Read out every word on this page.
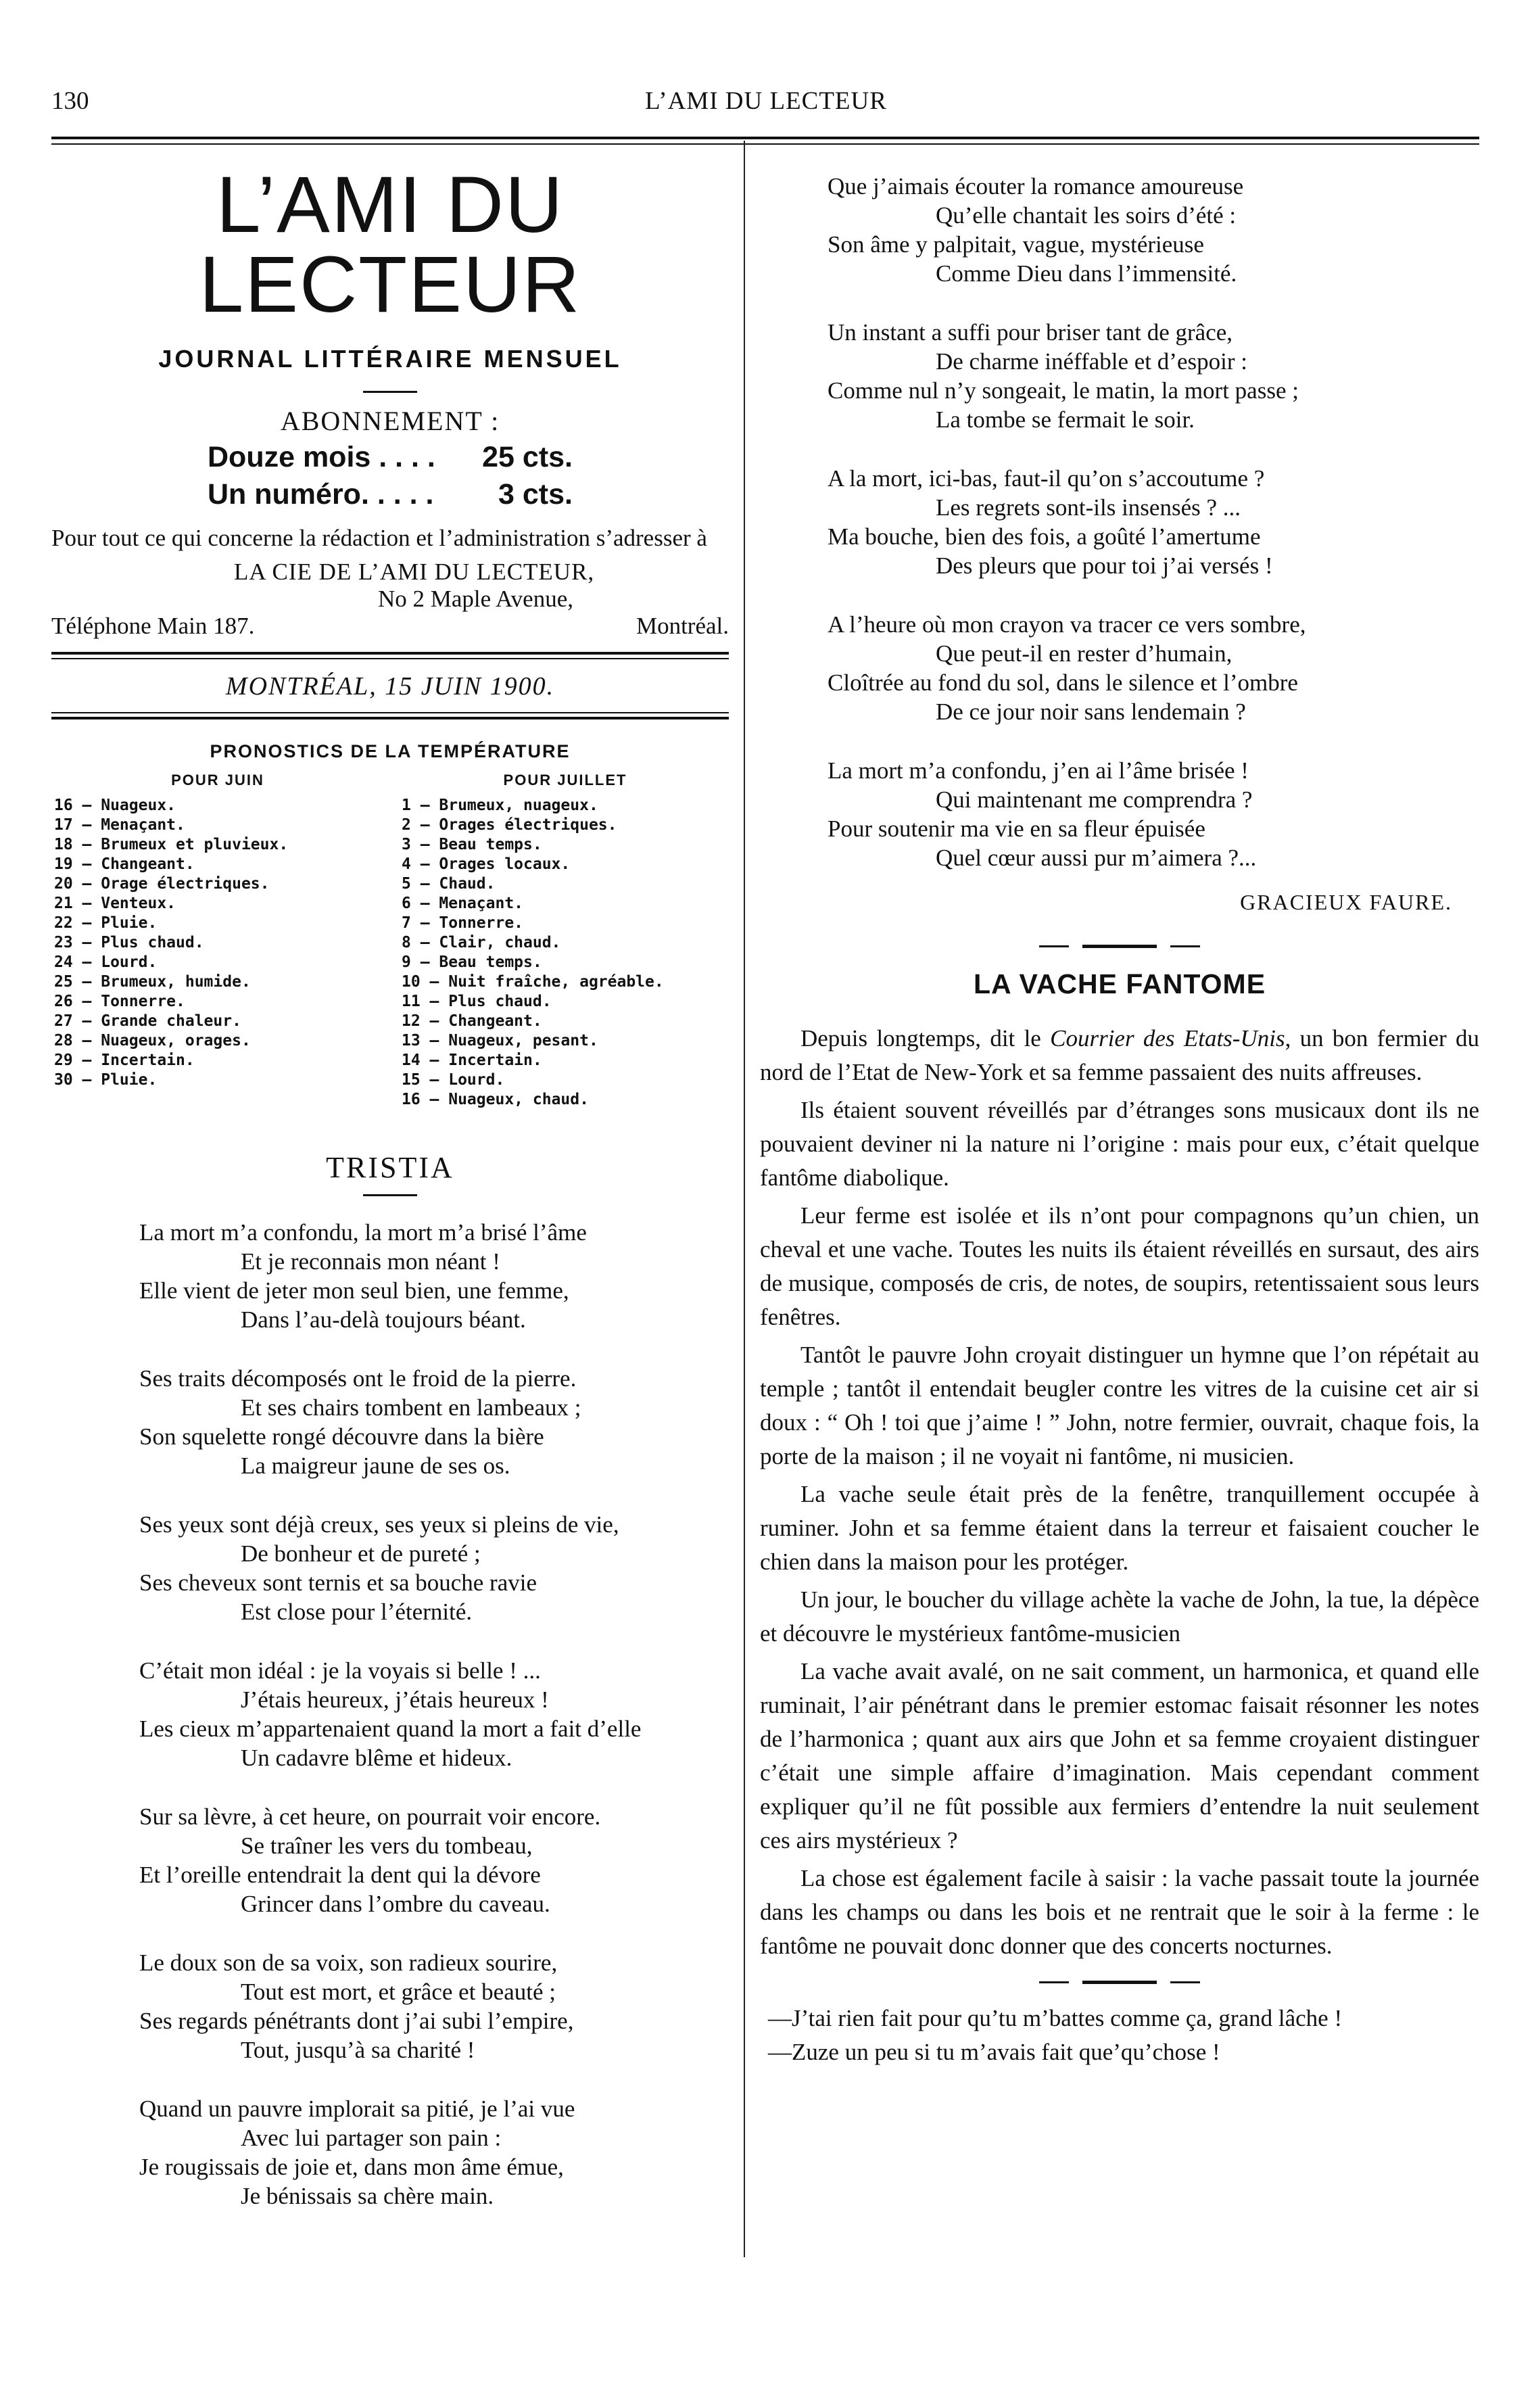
130	L’AMI DU LECTEUR
L’AMI DU LECTEUR
JOURNAL LITTÉRAIRE MENSUEL
ABONNEMENT :
Douze mois . . . . 25 cts.
Un numéro. . . . . 3 cts.
Pour tout ce qui concerne la rédaction et l’administration s’adresser à
LA CIE DE L’AMI DU LECTEUR,
No 2 Maple Avenue,
Téléphone Main 187.	Montréal.
MONTRÉAL, 15 JUIN 1900.
PRONOSTICS DE LA TEMPÉRATURE
POUR JUIN
16 — Nuageux.
17 — Menaçant.
18 — Brumeux et pluvieux.
19 — Changeant.
20 — Orage électriques.
21 — Venteux.
22 — Pluie.
23 — Plus chaud.
24 — Lourd.
25 — Brumeux, humide.
26 — Tonnerre.
27 — Grande chaleur.
28 — Nuageux, orages.
29 — Incertain.
30 — Pluie.
POUR JUILLET
1 — Brumeux, nuageux.
2 — Orages électriques.
3 — Beau temps.
4 — Orages locaux.
5 — Chaud.
6 — Menaçant.
7 — Tonnerre.
8 — Clair, chaud.
9 — Beau temps.
10 — Nuit fraîche, agréable.
11 — Plus chaud.
12 — Changeant.
13 — Nuageux, pesant.
14 — Incertain.
15 — Lourd.
16 — Nuageux, chaud.
TRISTIA
La mort m’a confondu, la mort m’a brisé l’âme
Et je reconnais mon néant !
Elle vient de jeter mon seul bien, une femme,
Dans l’au-delà toujours béant.
Ses traits décomposés ont le froid de la pierre.
Et ses chairs tombent en lambeaux ;
Son squelette rongé découvre dans la bière
La maigreur jaune de ses os.
Ses yeux sont déjà creux, ses yeux si pleins de vie,
De bonheur et de pureté ;
Ses cheveux sont ternis et sa bouche ravie
Est close pour l’éternité.
C’était mon idéal : je la voyais si belle ! ...
J’étais heureux, j’étais heureux !
Les cieux m’appartenaient quand la mort a fait d’elle
Un cadavre blême et hideux.
Sur sa lèvre, à cet heure, on pourrait voir encore.
Se traîner les vers du tombeau,
Et l’oreille entendrait la dent qui la dévore
Grincer dans l’ombre du caveau.
Le doux son de sa voix, son radieux sourire,
Tout est mort, et grâce et beauté ;
Ses regards pénétrants dont j’ai subi l’empire,
Tout, jusqu’à sa charité !
Quand un pauvre implorait sa pitié, je l’ai vue
Avec lui partager son pain :
Je rougissais de joie et, dans mon âme émue,
Je bénissais sa chère main.
Que j’aimais écouter la romance amoureuse
Qu’elle chantait les soirs d’été :
Son âme y palpitait, vague, mystérieuse
Comme Dieu dans l’immensité.
Un instant a suffi pour briser tant de grâce,
De charme inéffable et d’espoir :
Comme nul n’y songeait, le matin, la mort passe ;
La tombe se fermait le soir.
A la mort, ici-bas, faut-il qu’on s’accoutume ?
Les regrets sont-ils insensés ? ...
Ma bouche, bien des fois, a goûté l’amertume
Des pleurs que pour toi j’ai versés !
A l’heure où mon crayon va tracer ce vers sombre,
Que peut-il en rester d’humain,
Cloîtrée au fond du sol, dans le silence et l’ombre
De ce jour noir sans lendemain ?
La mort m’a confondu, j’en ai l’âme brisée !
Qui maintenant me comprendra ?
Pour soutenir ma vie en sa fleur épuisée
Quel cœur aussi pur m’aimera ?...
GRACIEUX FAURE.
LA VACHE FANTOME

Depuis longtemps, dit le Courrier des Etats-Unis, un bon fermier du nord de l’Etat de New-York et sa femme passaient des nuits affreuses.

Ils étaient souvent réveillés par d’étranges sons musicaux dont ils ne pouvaient deviner ni la nature ni l’origine : mais pour eux, c’était quelque fantôme diabolique.

Leur ferme est isolée et ils n’ont pour compagnons qu’un chien, un cheval et une vache. Toutes les nuits ils étaient réveillés en sursaut, des airs de musique, composés de cris, de notes, de soupirs, retentissaient sous leurs fenêtres.

Tantôt le pauvre John croyait distinguer un hymne que l’on répétait au temple ; tantôt il entendait beugler contre les vitres de la cuisine cet air si doux : “ Oh ! toi que j’aime ! ” John, notre fermier, ouvrait, chaque fois, la porte de la maison ; il ne voyait ni fantôme, ni musicien.

La vache seule était près de la fenêtre, tranquillement occupée à ruminer. John et sa femme étaient dans la terreur et faisaient coucher le chien dans la maison pour les protéger.

Un jour, le boucher du village achète la vache de John, la tue, la dépèce et découvre le mystérieux fantôme-musicien

La vache avait avalé, on ne sait comment, un harmonica, et quand elle ruminait, l’air pénétrant dans le premier estomac faisait résonner les notes de l’harmonica ; quant aux airs que John et sa femme croyaient distinguer c’était une simple affaire d’imagination. Mais cependant comment expliquer qu’il ne fût possible aux fermiers d’entendre la nuit seulement ces airs mystérieux ?

La chose est également facile à saisir : la vache passait toute la journée dans les champs ou dans les bois et ne rentrait que le soir à la ferme : le fantôme ne pouvait donc donner que des concerts nocturnes.

—J’tai rien fait pour qu’tu m’battes comme ça, grand lâche !
—Zuze un peu si tu m’avais fait que’qu’chose !
